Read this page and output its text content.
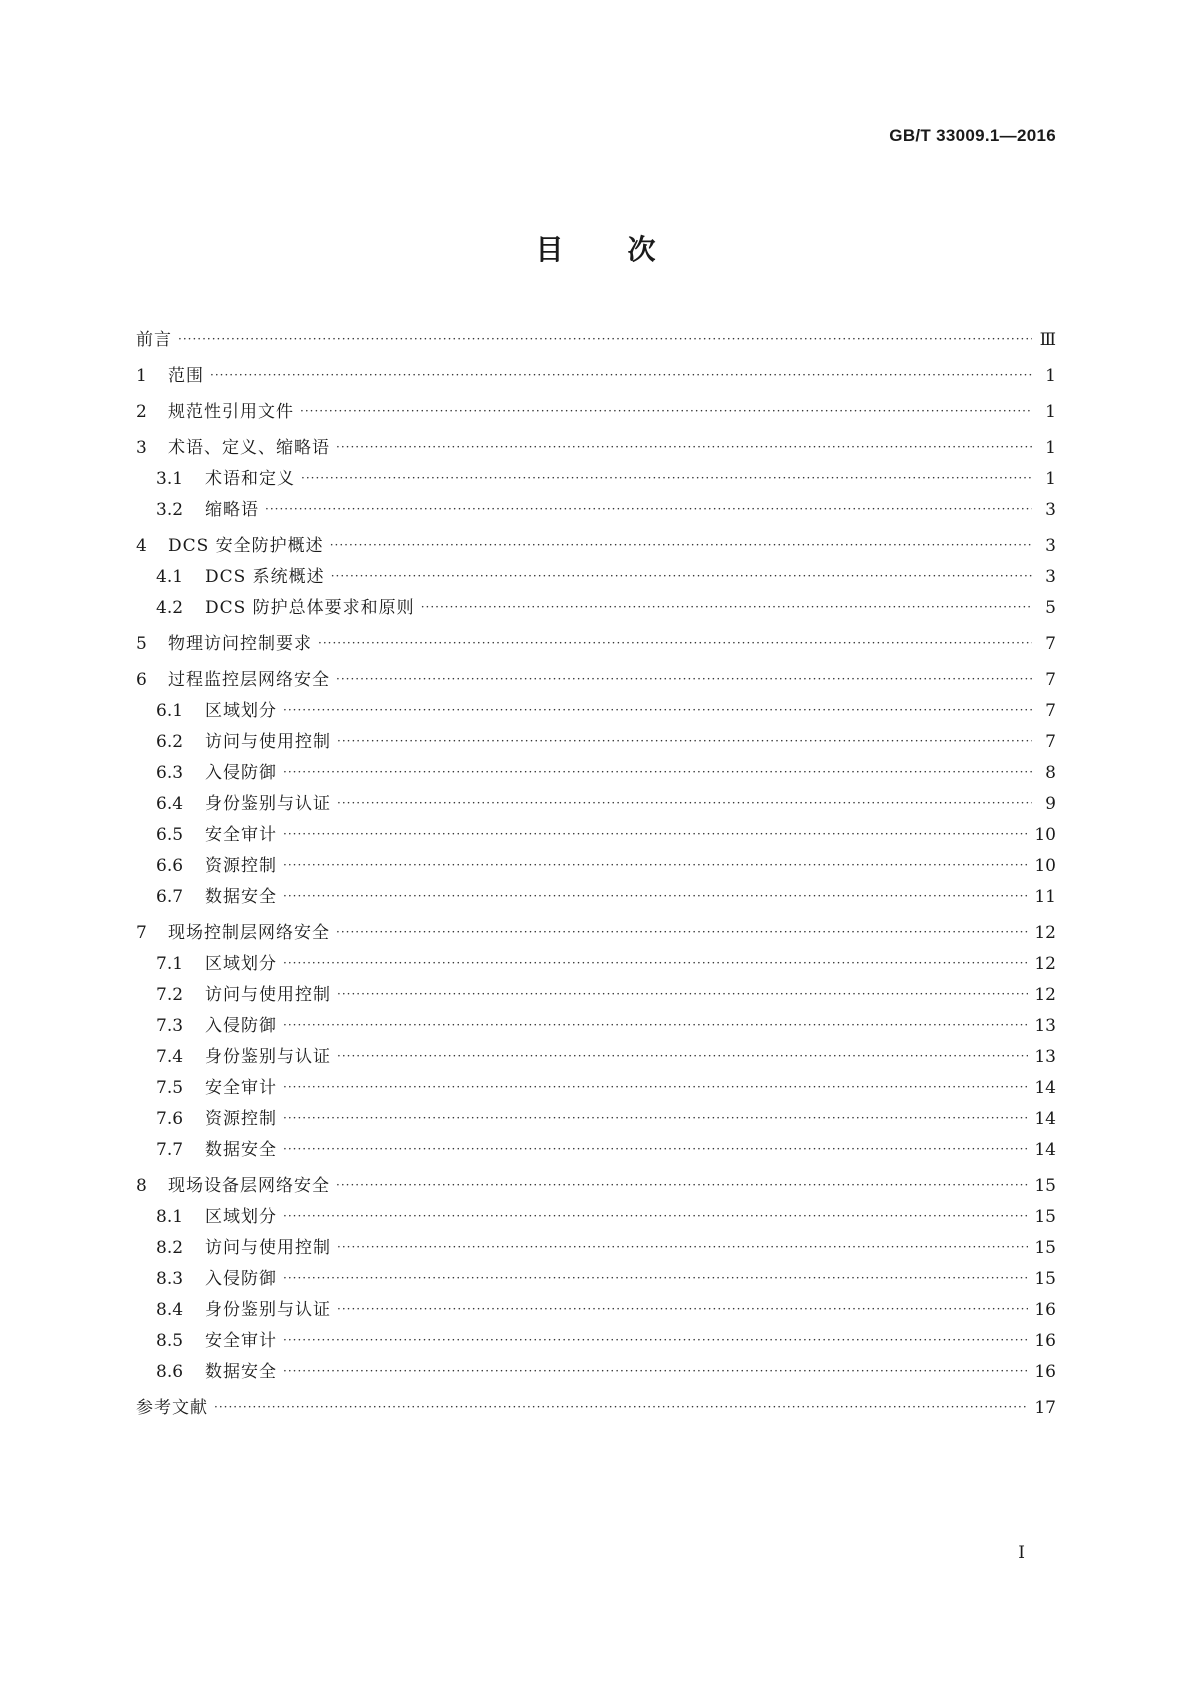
GB/T 33009.1—2016
目 次
前言 ·····	Ⅲ
1	范围 ·····	1
2	规范性引用文件 ·····	1
3	术语、定义、缩略语 ·····	1
3.1	术语和定义 ·····	1
3.2	缩略语 ·····	3
4	DCS 安全防护概述 ·····	3
4.1	DCS 系统概述 ·····	3
4.2	DCS 防护总体要求和原则 ·····	5
5	物理访问控制要求 ·····	7
6	过程监控层网络安全 ·····	7
6.1	区域划分 ·····	7
6.2	访问与使用控制 ·····	7
6.3	入侵防御 ·····	8
6.4	身份鉴别与认证 ·····	9
6.5	安全审计 ·····	10
6.6	资源控制 ·····	10
6.7	数据安全 ·····	11
7	现场控制层网络安全 ·····	12
7.1	区域划分 ·····	12
7.2	访问与使用控制 ·····	12
7.3	入侵防御 ·····	13
7.4	身份鉴别与认证 ·····	13
7.5	安全审计 ·····	14
7.6	资源控制 ·····	14
7.7	数据安全 ·····	14
8	现场设备层网络安全 ·····	15
8.1	区域划分 ·····	15
8.2	访问与使用控制 ·····	15
8.3	入侵防御 ·····	15
8.4	身份鉴别与认证 ·····	16
8.5	安全审计 ·····	16
8.6	数据安全 ·····	16
参考文献 ·····	17
Ⅰ
